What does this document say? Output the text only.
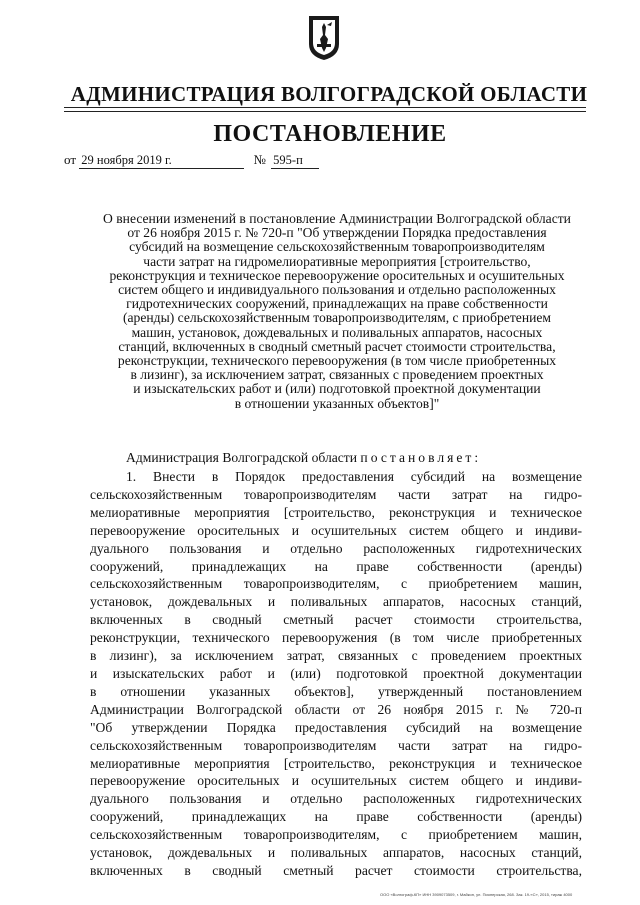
АДМИНИСТРАЦИЯ ВОЛГОГРАДСКОЙ ОБЛАСТИ
ПОСТАНОВЛЕНИЕ
от 29 ноября 2019 г.	№ 595-п
О внесении изменений в постановление Администрации Волгоградской области
от 26 ноября 2015 г. № 720-п "Об утверждении Порядка предоставления
субсидий на возмещение сельскохозяйственным товаропроизводителям
части затрат на гидромелиоративные мероприятия [строительство,
реконструкция и техническое перевооружение оросительных и осушительных
систем общего и индивидуального пользования и отдельно расположенных
гидротехнических сооружений, принадлежащих на праве собственности
(аренды) сельскохозяйственным товаропроизводителям, с приобретением
машин, установок, дождевальных и поливальных аппаратов, насосных
станций, включенных в сводный сметный расчет стоимости строительства,
реконструкции, технического перевооружения (в том числе приобретенных
в лизинг), за исключением затрат, связанных с проведением проектных
и изыскательских работ и (или) подготовкой проектной документации
в отношении указанных объектов]"
Администрация Волгоградской области постановляет:
1. Внести в Порядок предоставления субсидий на возмещение
сельскохозяйственным товаропроизводителям части затрат на гидро-
мелиоративные мероприятия [строительство, реконструкция и техническое
перевооружение оросительных и осушительных систем общего и индиви-
дуального пользования и отдельно расположенных гидротехнических
сооружений, принадлежащих на праве собственности (аренды)
сельскохозяйственным товаропроизводителям, с приобретением машин,
установок, дождевальных и поливальных аппаратов, насосных станций,
включенных в сводный сметный расчет стоимости строительства,
реконструкции, технического перевооружения (в том числе приобретенных
в лизинг), за исключением затрат, связанных с проведением проектных
и изыскательских работ и (или) подготовкой проектной документации
в отношении указанных объектов], утвержденный постановлением
Администрации Волгоградской области от 26 ноября 2015 г. № 720-п
"Об утверждении Порядка предоставления субсидий на возмещение
сельскохозяйственным товаропроизводителям части затрат на гидро-
мелиоративные мероприятия [строительство, реконструкция и техническое
перевооружение оросительных и осушительных систем общего и индиви-
дуального пользования и отдельно расположенных гидротехнических
сооружений, принадлежащих на праве собственности (аренды)
сельскохозяйственным товаропроизводителям, с приобретением машин,
установок, дождевальных и поливальных аппаратов, насосных станций,
включенных в сводный сметный расчет стоимости строительства,
ООО «Волгограф-КП» ИНН 3909073509, г. Майкоп, ул. Пионерская, 268. Зак. 19-«С», 2015, тираж 4000
